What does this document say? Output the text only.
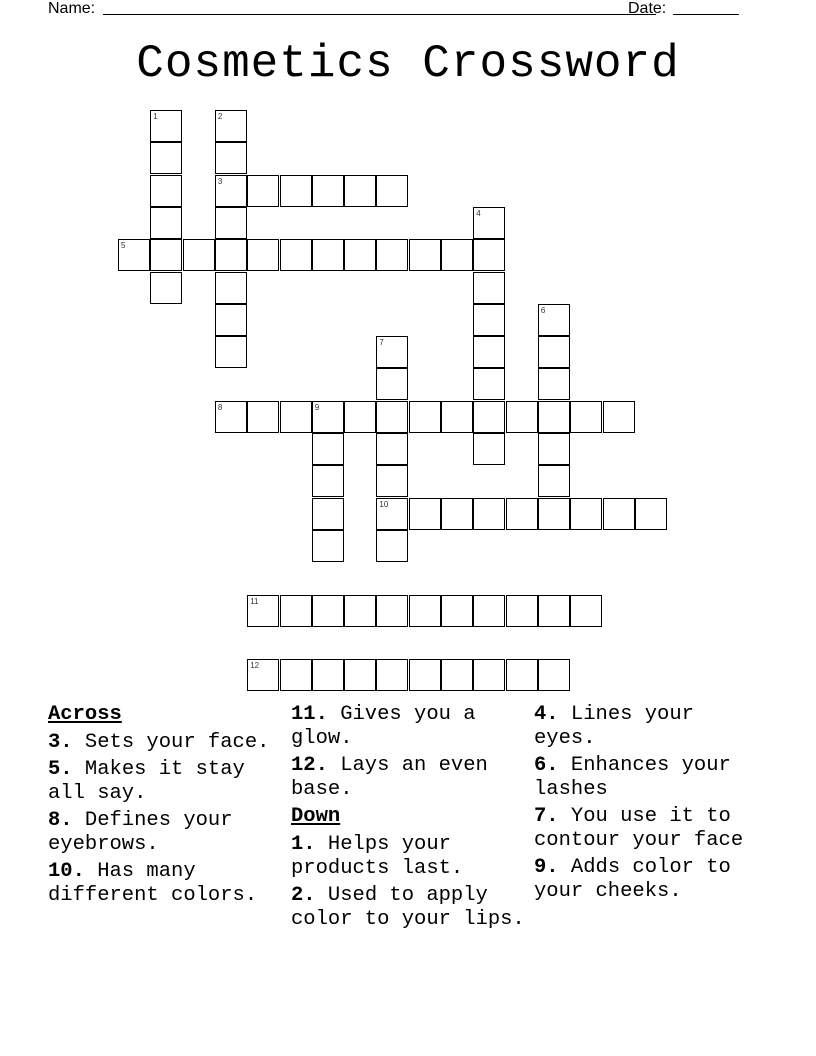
Name:	Date:
Cosmetics Crossword
1	2
3
4
5
6
7
8	9
10
11
12
Across
3. Sets your face.
5. Makes it stay all say.
8. Defines your eyebrows.
10. Has many different colors.
11. Gives you a glow.
12. Lays an even base.
Down
1. Helps your products last.
2. Used to apply color to your lips.
4. Lines your eyes.
6. Enhances your lashes
7. You use it to contour your face
9. Adds color to your cheeks.
